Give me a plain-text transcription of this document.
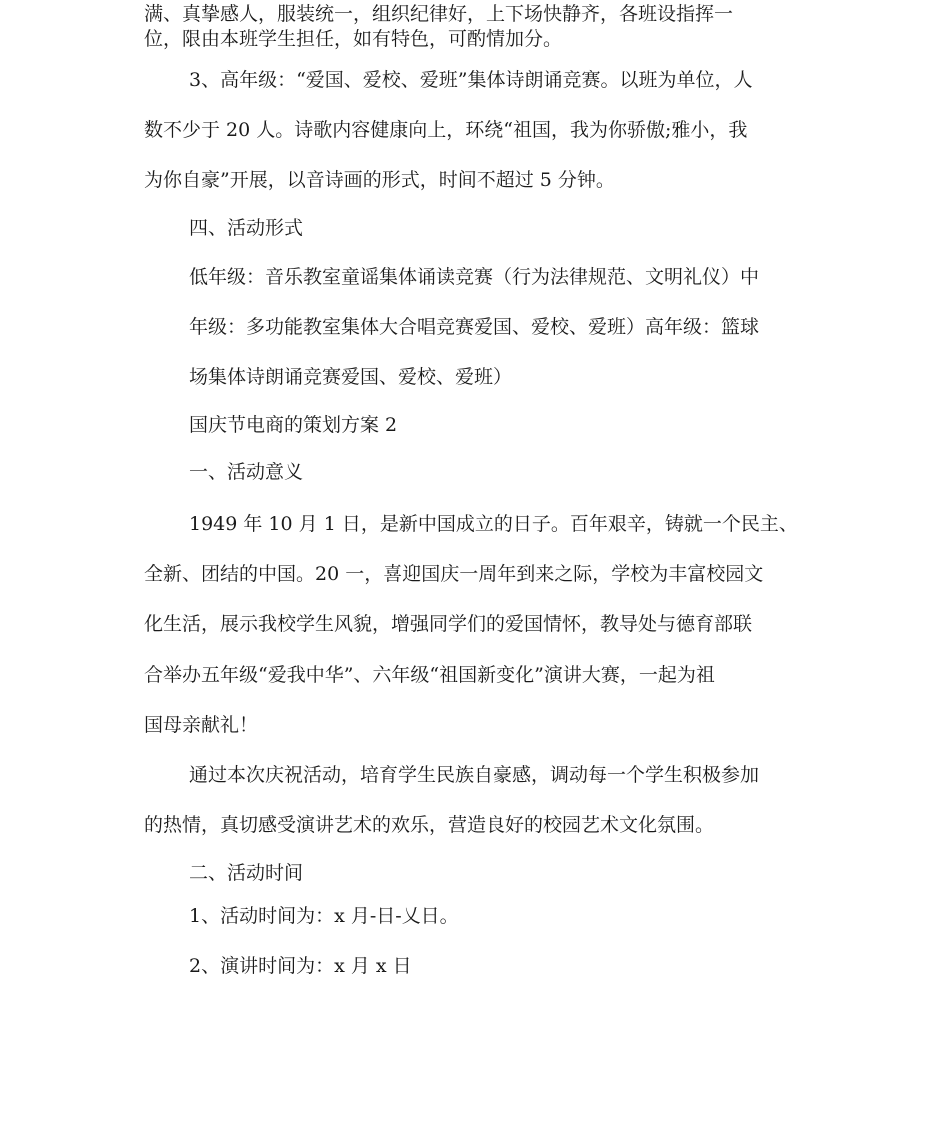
满、真挚感人，服装统一，组织纪律好，上下场快静齐，各班设指挥一
位，限由本班学生担任，如有特色，可酌情加分。
3、高年级：“爱国、爱校、爱班”集体诗朗诵竞赛。以班为单位，人
数不少于 20 人。诗歌内容健康向上，环绕“祖国，我为你骄傲;雅小，我
为你自豪”开展，以音诗画的形式，时间不超过 5 分钟。
四、活动形式
低年级：音乐教室童谣集体诵读竞赛（行为法律规范、文明礼仪）中
年级：多功能教室集体大合唱竞赛爱国、爱校、爱班）高年级：篮球
场集体诗朗诵竞赛爱国、爱校、爱班）
国庆节电商的策划方案 2
一、活动意义
1949 年 10 月 1 日，是新中国成立的日子。百年艰辛，铸就一个民主、
全新、团结的中国。20 一，喜迎国庆一周年到来之际，学校为丰富校园文
化生活，展示我校学生风貌，增强同学们的爱国情怀，教导处与德育部联
合举办五年级“爱我中华”、六年级“祖国新变化”演讲大赛，一起为祖
国母亲献礼！
通过本次庆祝活动，培育学生民族自豪感，调动每一个学生积极参加
的热情，真切感受演讲艺术的欢乐，营造良好的校园艺术文化氛围。
二、活动时间
1、活动时间为：x 月-日-乂日。
2、演讲时间为：x 月 x 日
